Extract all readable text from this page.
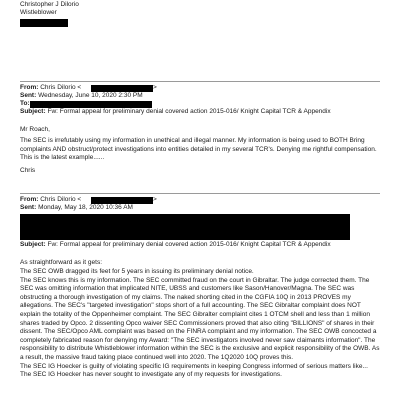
Christopher J Dilorio
Wistleblower
From: Chris Dilorio <	>
Sent: Wednesday, June 10, 2020 2:30 PM
To:
Subject: Fw: Formal appeal for preliminary denial covered action 2015-016/ Knight Capital TCR & Appendix
Mr Roach,
The SEC is irrefutably using my information in unethical and illegal manner. My information is being used to BOTH Bring complaints AND obstruct/protect investigations into entities detailed in my several TCR's. Denying me rightful compensation. This is the latest example......
Chris
From: Chris Dilorio <	>
Sent: Monday, May 18, 2020 10:36 AM
Subject: Fw: Formal appeal for preliminary denial covered action 2015-016/ Knight Capital TCR & Appendix
As straightforward as it gets:

The SEC OWB dragged its feet for 5 years in issuing its preliminary denial notice.

The SEC knows this is my information. The SEC committed fraud on the court in Gibraltar. The judge corrected them. The SEC was omitting information that implicated NITE, UBSS and customers like Sason/Hanover/Magna. The SEC was obstructing a thorough investigation of my claims. The naked shorting cited in the CGFIA 10Q in 2013 PROVES my allegations. The SEC's "targeted investigation" stops short of a full accounting. The SEC Gibraltar complaint does NOT explain the totality of the Oppenheimer complaint. The SEC Gibralter complaint cites 1 OTCM shell and less than 1 million shares traded by Opco. 2 dissenting Opco waiver SEC Commissioners proved that also citing "BILLIONS" of shares in their dissent. The SEC/Opco AML complaint was based on the FINRA complaint and my information. The SEC OWB concocted a completely fabricated reason for denying my Award: "The SEC investigators involved never saw claimants information". The responsibility to distribute Whistleblower information within the SEC is the exclusive and explicit responsibility of the OWB. As a result, the massive fraud taking place continued well into 2020. The 1Q2020 10Q proves this.

The SEC IG Hoecker is guilty of violating specific IG requirements in keeping Congress informed of serious matters like... The SEC IG Hoecker has never sought to investigate any of my requests for investigations.
